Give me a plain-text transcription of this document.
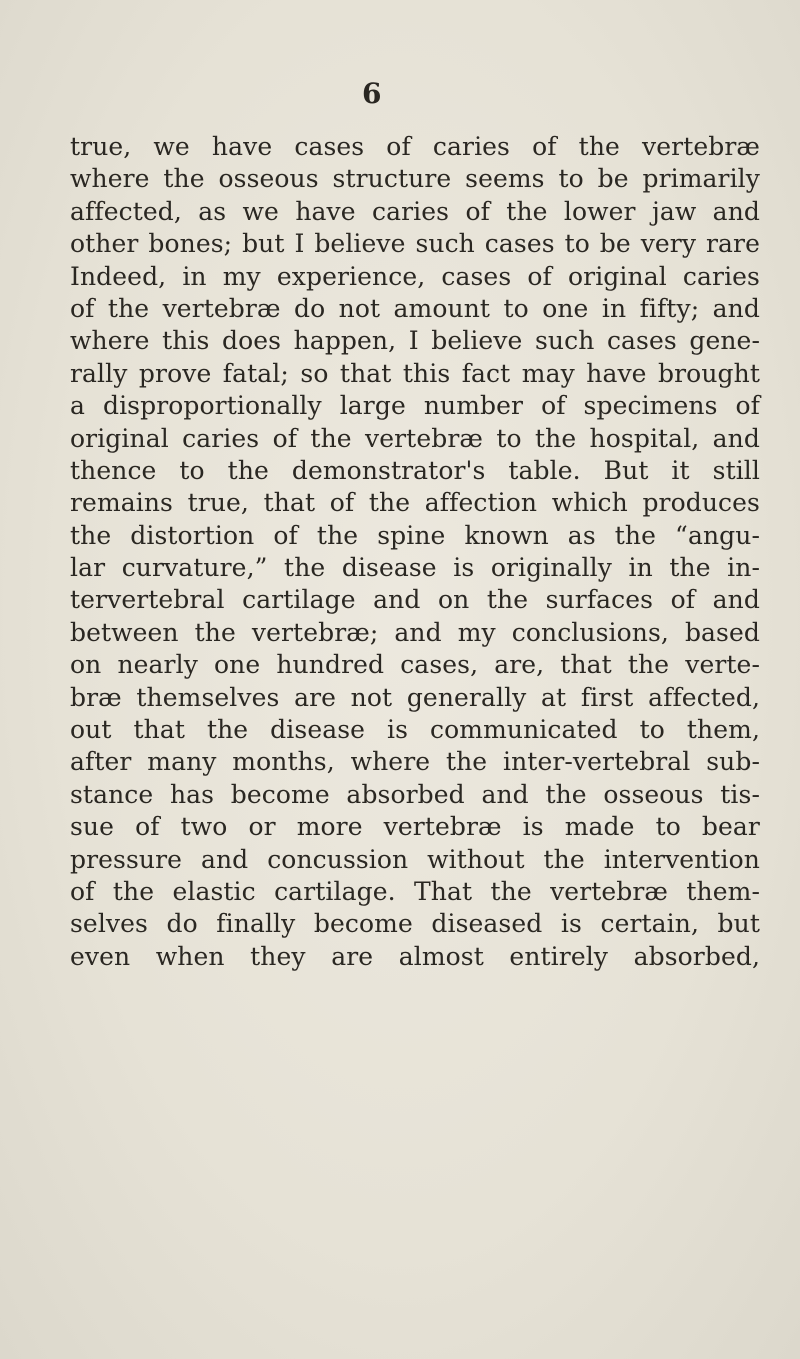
6
true, we have cases of caries of the vertebræ
where the osseous structure seems to be primarily
affected, as we have caries of the lower jaw and
other bones; but I believe such cases to be very rare
Indeed, in my experience, cases of original caries
of the vertebræ do not amount to one in fifty; and
where this does happen, I believe such cases gene-
rally prove fatal; so that this fact may have brought
a disproportionally large number of specimens of
original caries of the vertebræ to the hospital, and
thence to the demonstrator's table. But it still
remains true, that of the affection which produces
the distortion of the spine known as the “angu-
lar curvature,” the disease is originally in the in-
tervertebral cartilage and on the surfaces of and
between the vertebræ; and my conclusions, based
on nearly one hundred cases, are, that the verte-
bræ themselves are not generally at first affected,
out that the disease is communicated to them,
after many months, where the inter-vertebral sub-
stance has become absorbed and the osseous tis-
sue of two or more vertebræ is made to bear
pressure and concussion without the intervention
of the elastic cartilage. That the vertebræ them-
selves do finally become diseased is certain, but
even when they are almost entirely absorbed,
